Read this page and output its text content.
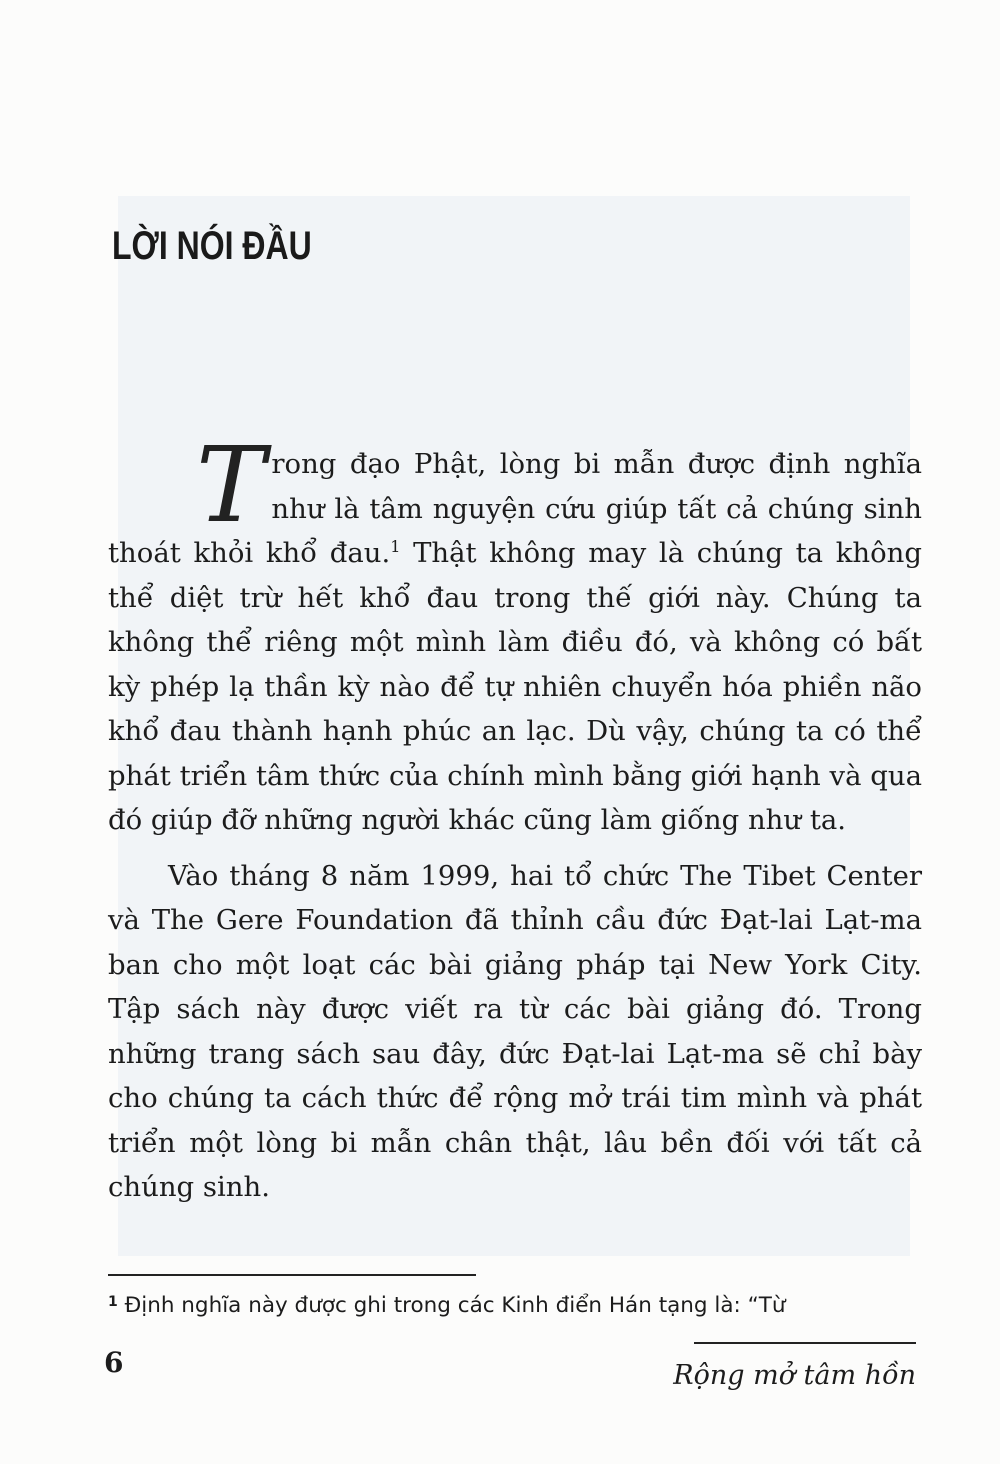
LỜI NÓI ĐẦU

Trong đạo Phật, lòng bi mẫn được định nghĩa như là tâm nguyện cứu giúp tất cả chúng sinh thoát khỏi khổ đau.$^1$ Thật không may là chúng ta không thể diệt trừ hết khổ đau trong thế giới này. Chúng ta không thể riêng một mình làm điều đó, và không có bất kỳ phép lạ thần kỳ nào để tự nhiên chuyển hóa phiền não khổ đau thành hạnh phúc an lạc. Dù vậy, chúng ta có thể phát triển tâm thức của chính mình bằng giới hạnh và qua đó giúp đỡ những người khác cũng làm giống như ta.

Vào tháng 8 năm 1999, hai tổ chức The Tibet Center và The Gere Foundation đã thỉnh cầu đức Đạt-lai Lạt-ma ban cho một loạt các bài giảng pháp tại New York City. Tập sách này được viết ra từ các bài giảng đó. Trong những trang sách sau đây, đức Đạt-lai Lạt-ma sẽ chỉ bày cho chúng ta cách thức để rộng mở trái tim mình và phát triển một lòng bi mẫn chân thật, lâu bền đối với tất cả chúng sinh.

$^1$ Định nghĩa này được ghi trong các Kinh điển Hán tạng là: “Từ

6	Rộng mở tâm hồn
